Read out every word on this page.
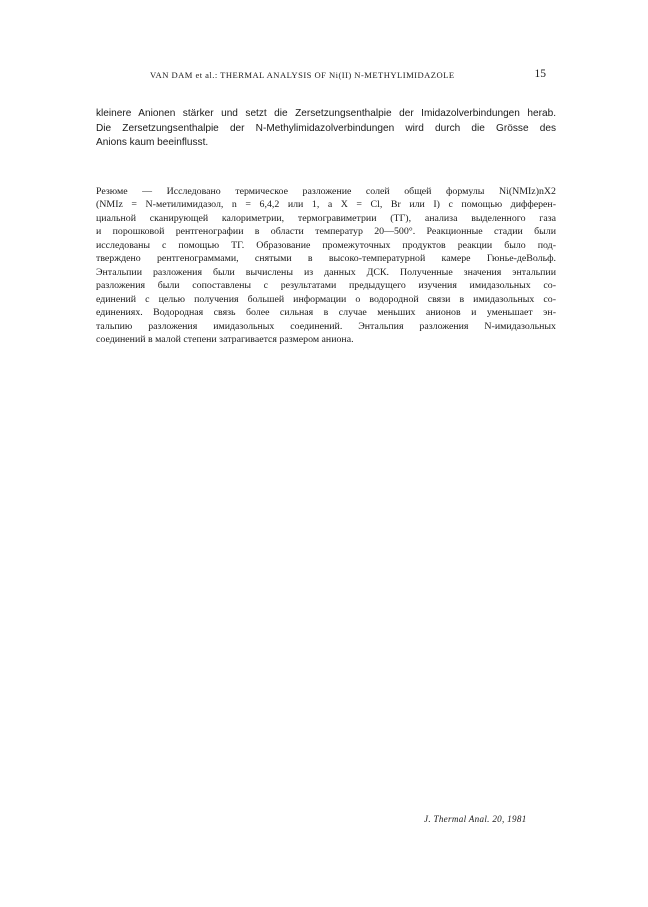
VAN DAM et al.: THERMAL ANALYSIS OF Ni(II) N-METHYLIMIDAZOLE	15
kleinere Anionen stärker und setzt die Zersetzungsenthalpie der Imidazolverbindungen herab.
Die Zersetzungsenthalpie der N-Methylimidazolverbindungen wird durch die Grösse des
Anions kaum beeinflusst.
Резюме — Исследовано термическое разложение солей общей формулы Ni(NMIz)nX2
(NMIz = N-метилимидазол, n = 6,4,2 или 1, а X = Cl, Br или I) с помощью дифферен-
циальной сканирующей калориметрии, термогравиметрии (ТГ), анализа выделенного газа
и порошковой рентгенографии в области температур 20—500°. Реакционные стадии были
исследованы с помощью ТГ. Образование промежуточных продуктов реакции было под-
тверждено рентгенограммами, снятыми в высоко-температурной камере Гюнье-деВольф.
Энтальпии разложения были вычислены из данных ДСК. Полученные значения энтальпии
разложения были сопоставлены с результатами предыдущего изучения имидазольных со-
единений с целью получения большей информации о водородной связи в имидазольных со-
единениях. Водородная связь более сильная в случае меньших анионов и уменьшает эн-
тальпию разложения имидазольных соединений. Энтальпия разложения N-имидазольных
соединений в малой степени затрагивается размером аниона.
J. Thermal Anal. 20, 1981
